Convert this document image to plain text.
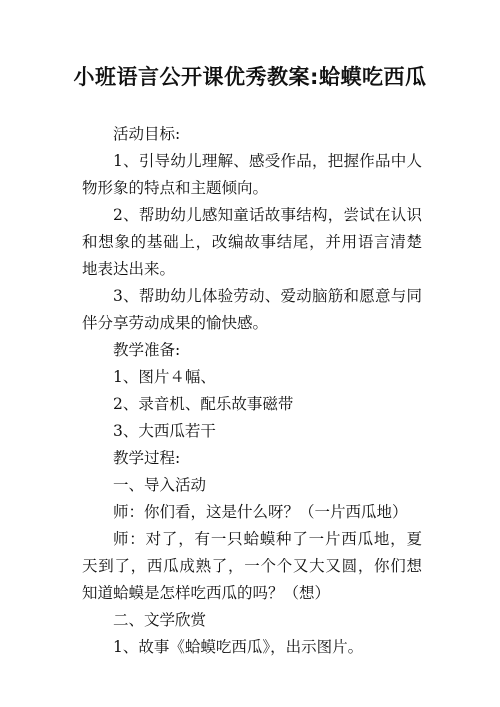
小班语言公开课优秀教案:蛤蟆吃西瓜

活动目标:

1、引导幼儿理解、感受作品，把握作品中人物形象的特点和主题倾向。

2、帮助幼儿感知童话故事结构，尝试在认识和想象的基础上，改编故事结尾，并用语言清楚地表达出来。

3、帮助幼儿体验劳动、爱动脑筋和愿意与同伴分享劳动成果的愉快感。

教学准备:

1、图片４幅、

2、录音机、配乐故事磁带

3、大西瓜若干

教学过程:

一、导入活动

师：你们看，这是什么呀？（一片西瓜地）

师：对了，有一只蛤蟆种了一片西瓜地，夏天到了，西瓜成熟了，一个个又大又圆，你们想知道蛤蟆是怎样吃西瓜的吗？（想）

二、文学欣赏

1、故事《蛤蟆吃西瓜》，出示图片。
